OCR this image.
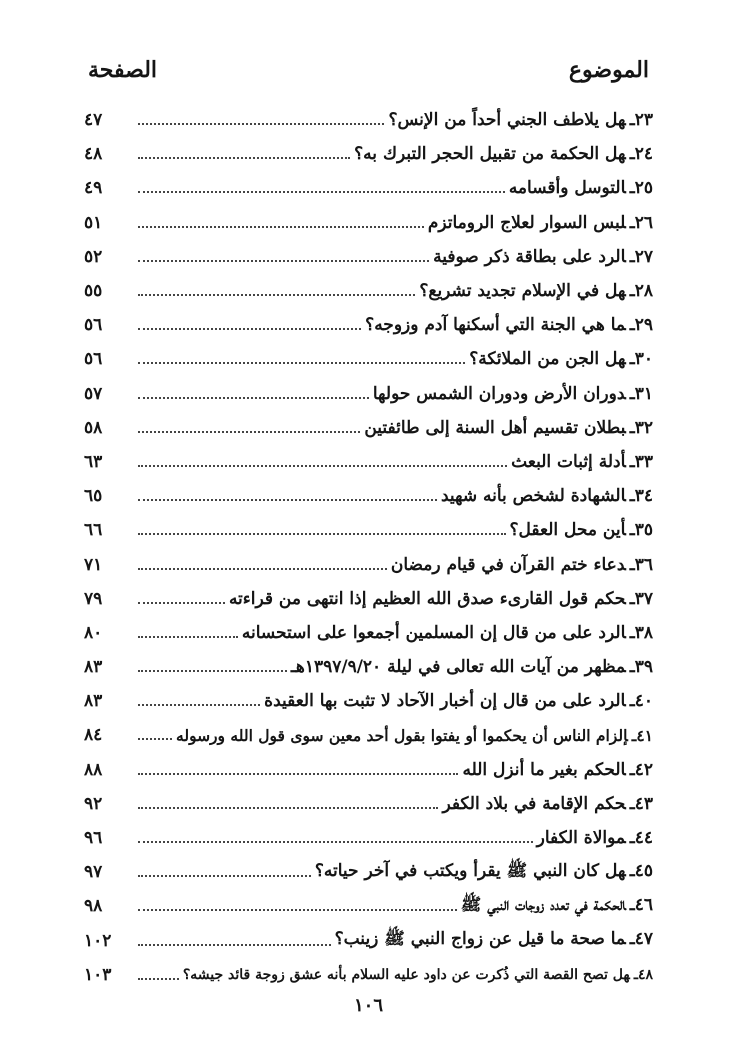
الموضوع
الصفحة
٤٧	٢٣ـهل يلاطف الجني أحداً من الإنس؟
٤٨	٢٤ـهل الحكمة من تقبيل الحجر التبرك به؟
٤٩	٢٥ـالتوسل وأقسامه
٥١	٢٦ـلبس السوار لعلاج الروماتزم
٥٢	٢٧ـالرد على بطاقة ذكر صوفية
٥٥	٢٨ـهل في الإسلام تجديد تشريع؟
٥٦	٢٩ـما هي الجنة التي أسكنها آدم وزوجه؟
٥٦	٣٠ـهل الجن من الملائكة؟
٥٧	٣١ـدوران الأرض ودوران الشمس حولها
٥٨	٣٢ـبطلان تقسيم أهل السنة إلى طائفتين
٦٣	٣٣ـأدلة إثبات البعث
٦٥	٣٤ـالشهادة لشخص بأنه شهيد
٦٦	٣٥ـأين محل العقل؟
٧١	٣٦ـدعاء ختم القرآن في قيام رمضان
٧٩	٣٧ـحكم قول القارىء صدق الله العظيم إذا انتهى من قراءته
٨٠	٣٨ـالرد على من قال إن المسلمين أجمعوا على استحسانه
٨٣	٣٩ـمظهر من آيات الله تعالى في ليلة ١٣٩٧/٩/٢٠هـ
٨٣	٤٠ـالرد على من قال إن أخبار الآحاد لا تثبت بها العقيدة
٨٤	٤١ـإلزام الناس أن يحكموا أو يفتوا بقول أحد معين سوى قول الله ورسوله
٨٨	٤٢ـالحكم بغير ما أنزل الله
٩٢	٤٣ـحكم الإقامة في بلاد الكفر
٩٦	٤٤ـموالاة الكفار
٩٧	٤٥ـهل كان النبي ﷺ يقرأ ويكتب في آخر حياته؟
٩٨	٤٦ـالحكمة في تعدد زوجات النبي ﷺ
١٠٢	٤٧ـما صحة ما قيل عن زواج النبي ﷺ زينب؟
١٠٣	٤٨ـهل تصح القصة التي ذُكرت عن داود عليه السلام بأنه عشق زوجة قائد جيشه؟
١٠٦
